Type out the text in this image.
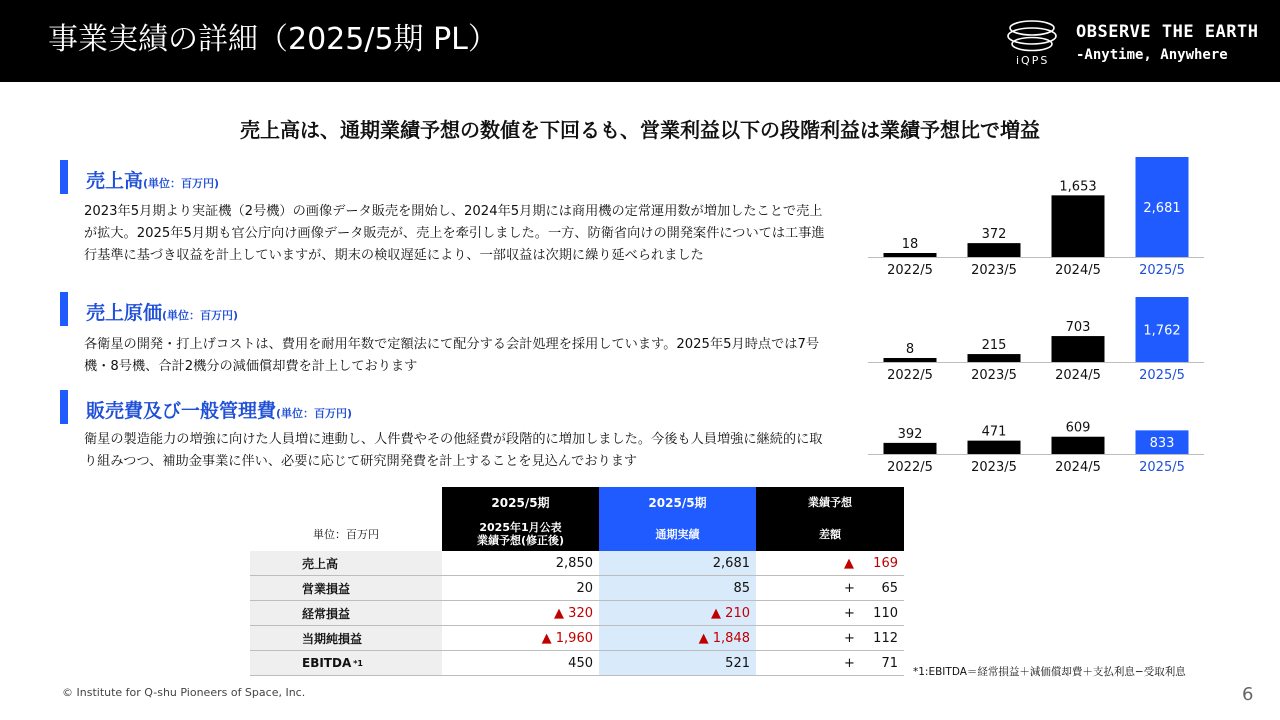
事業実績の詳細（2025/5期 PL）
iQPS
OBSERVE THE EARTH
-Anytime, Anywhere
売上高は、通期業績予想の数値を下回るも、営業利益以下の段階利益は業績予想比で増益
売上高(単位：百万円)
2023年5月期より実証機（2号機）の画像データ販売を開始し、2024年5月期には商用機の定常運用数が増加したことで売上が拡大。2025年5月期も官公庁向け画像データ販売が、売上を牽引しました。一方、防衛省向けの開発案件については工事進行基準に基づき収益を計上していますが、期末の検収遅延により、一部収益は次期に繰り延べられました
売上原価(単位：百万円)
各衛星の開発・打上げコストは、費用を耐用年数で定額法にて配分する会計処理を採用しています。2025年5月時点では7号機・8号機、合計2機分の減価償却費を計上しております
販売費及び一般管理費(単位：百万円)
衛星の製造能力の増強に向けた人員増に連動し、人件費やその他経費が段階的に増加しました。今後も人員増強に継続的に取り組みつつ、補助金事業に伴い、必要に応じて研究開発費を計上することを見込んでおります
18
2022/5
372
2023/5
1,653
2024/5
2,681
2025/5
8
2022/5
215
2023/5
703
2024/5
1,762
2025/5
392
2022/5
471
2023/5
609
2024/5
833
2025/5
単位：百万円
2025/5期	2025/5期	業績予想
2025年1月公表
業績予想(修正後)	通期実績	差額
売上高	2,850	2,681	▲	169
営業損益	20	85	+	65
経常損益	▲ 320	▲ 210	+	110
当期純損益	▲ 1,960	▲ 1,848	+	112
EBITDA *1	450	521	+	71
*1:EBITDA＝経常損益＋減価償却費＋支払利息−受取利息
© Institute for Q-shu Pioneers of Space, Inc.	6
